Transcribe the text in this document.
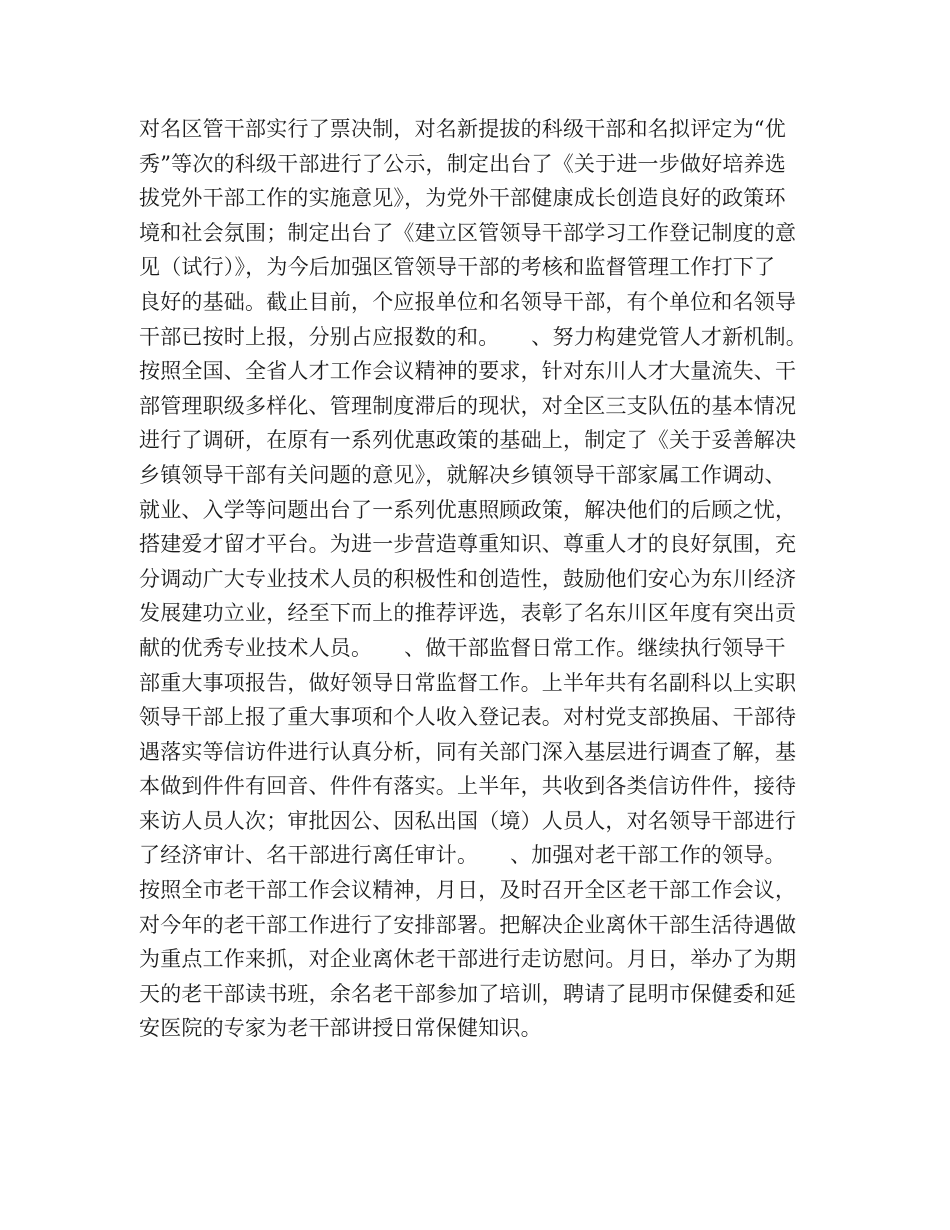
对名区管干部实行了票决制，对名新提拔的科级干部和名拟评定为“优
秀”等次的科级干部进行了公示，制定出台了《关于进一步做好培养选
拔党外干部工作的实施意见》，为党外干部健康成长创造良好的政策环
境和社会氛围；制定出台了《建立区管领导干部学习工作登记制度的意
见（试行）》，为今后加强区管领导干部的考核和监督管理工作打下了
良好的基础。截止目前，个应报单位和名领导干部，有个单位和名领导
干部已按时上报，分别占应报数的和。　　、努力构建党管人才新机制。
按照全国、全省人才工作会议精神的要求，针对东川人才大量流失、干
部管理职级多样化、管理制度滞后的现状，对全区三支队伍的基本情况
进行了调研，在原有一系列优惠政策的基础上，制定了《关于妥善解决
乡镇领导干部有关问题的意见》，就解决乡镇领导干部家属工作调动、
就业、入学等问题出台了一系列优惠照顾政策，解决他们的后顾之忧，
搭建爱才留才平台。为进一步营造尊重知识、尊重人才的良好氛围，充
分调动广大专业技术人员的积极性和创造性，鼓励他们安心为东川经济
发展建功立业，经至下而上的推荐评选，表彰了名东川区年度有突出贡
献的优秀专业技术人员。　　、做干部监督日常工作。继续执行领导干
部重大事项报告，做好领导日常监督工作。上半年共有名副科以上实职
领导干部上报了重大事项和个人收入登记表。对村党支部换届、干部待
遇落实等信访件进行认真分析，同有关部门深入基层进行调查了解，基
本做到件件有回音、件件有落实。上半年，共收到各类信访件件，接待
来访人员人次；审批因公、因私出国（境）人员人，对名领导干部进行
了经济审计、名干部进行离任审计。　　、加强对老干部工作的领导。
按照全市老干部工作会议精神，月日，及时召开全区老干部工作会议，
对今年的老干部工作进行了安排部署。把解决企业离休干部生活待遇做
为重点工作来抓，对企业离休老干部进行走访慰问。月日，举办了为期
天的老干部读书班，余名老干部参加了培训，聘请了昆明市保健委和延
安医院的专家为老干部讲授日常保健知识。
